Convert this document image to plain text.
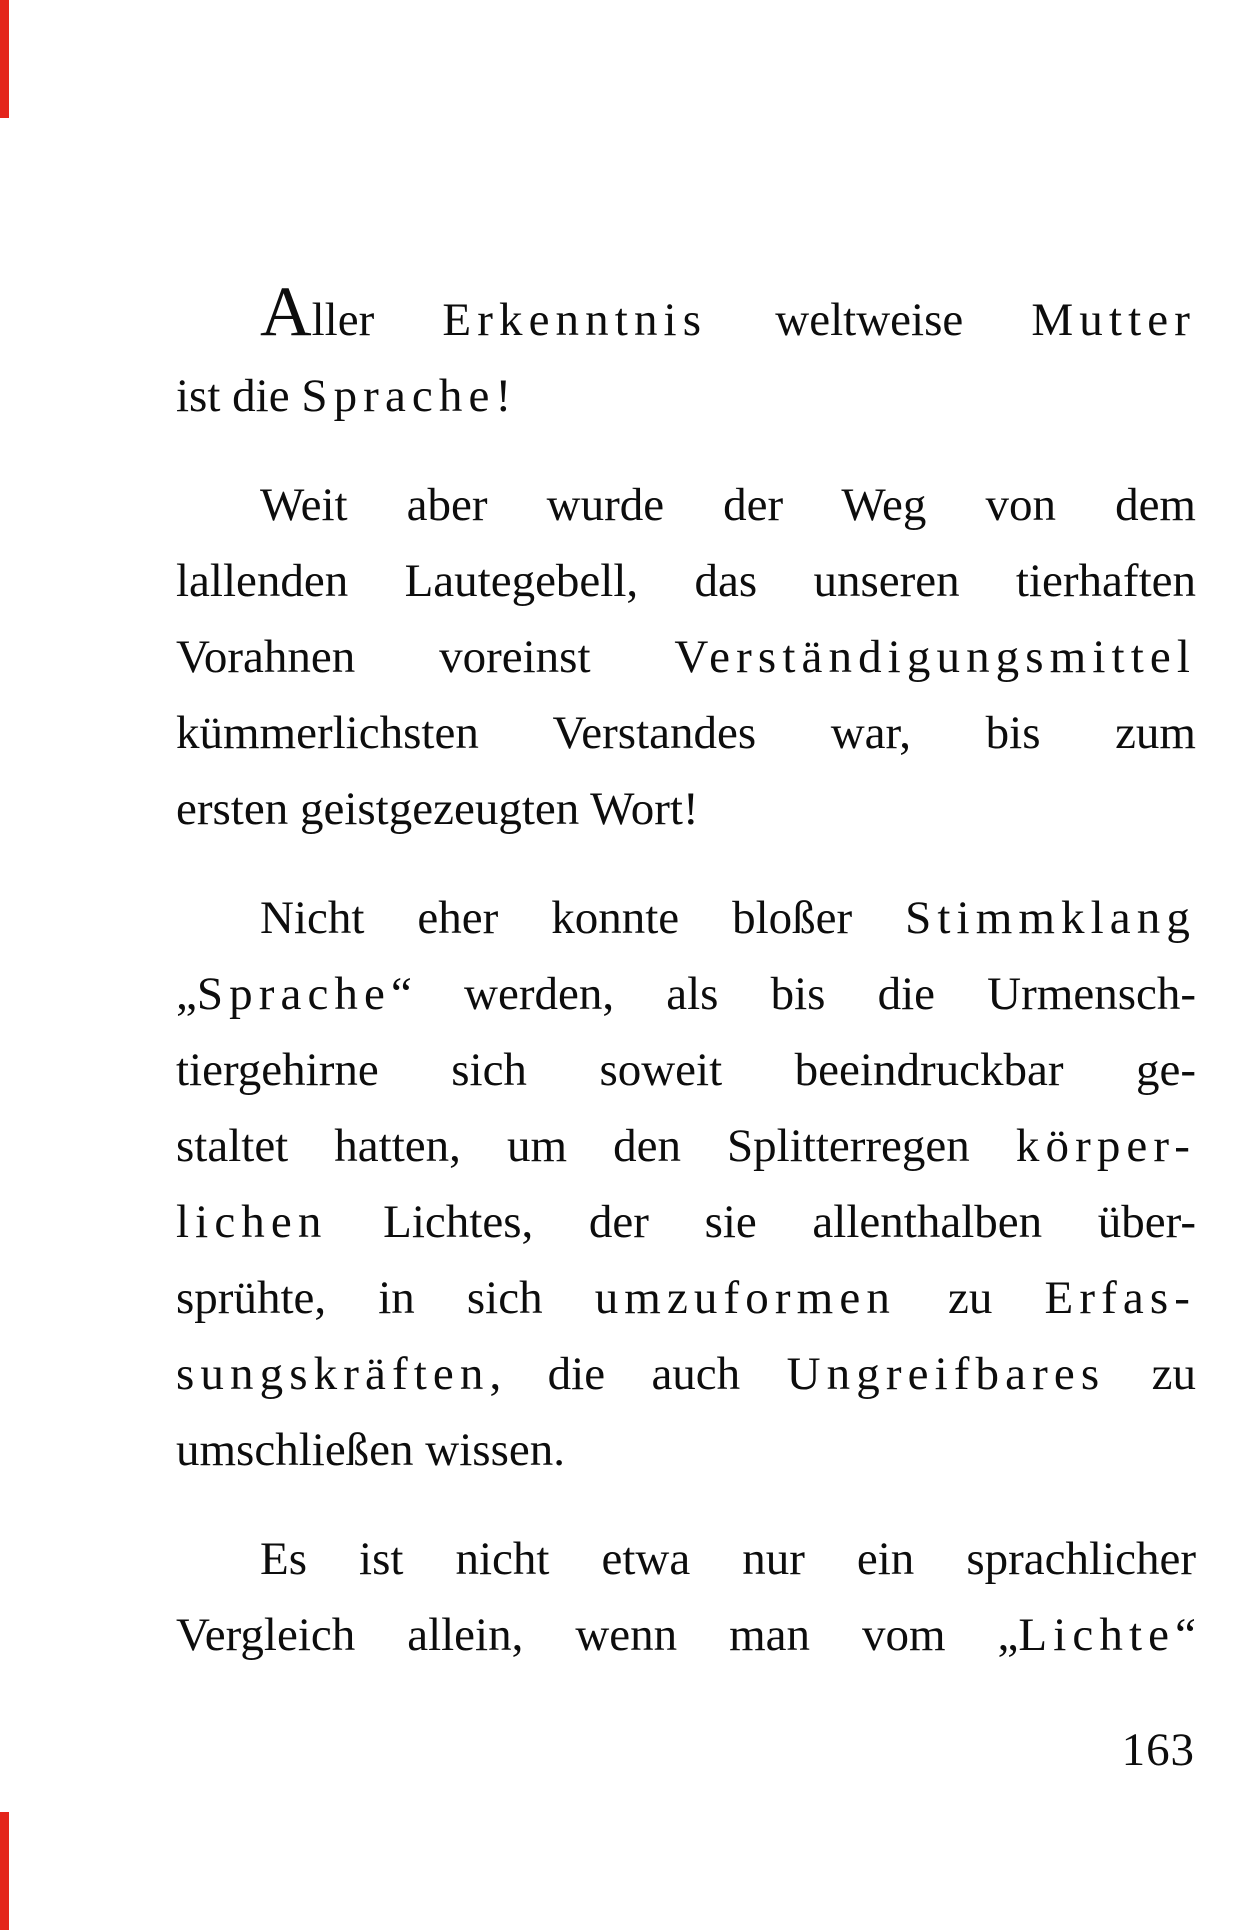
Aller Erkenntnis weltweise Mutter
ist die Sprache!
Weit aber wurde der Weg von dem
lallenden Lautegebell, das unseren tierhaften
Vorahnen voreinst Verständigungsmittel
kümmerlichsten Verstandes war, bis zum
ersten geistgezeugten Wort!
Nicht eher konnte bloßer Stimmklang
„Sprache“ werden, als bis die Urmensch-
tiergehirne sich soweit beeindruckbar ge-
staltet hatten, um den Splitterregen körper-
lichen Lichtes, der sie allenthalben über-
sprühte, in sich umzuformen zu Erfas-
sungskräften, die auch Ungreifbares zu
umschließen wissen.
Es ist nicht etwa nur ein sprachlicher
Vergleich allein, wenn man vom „Lichte“
163
